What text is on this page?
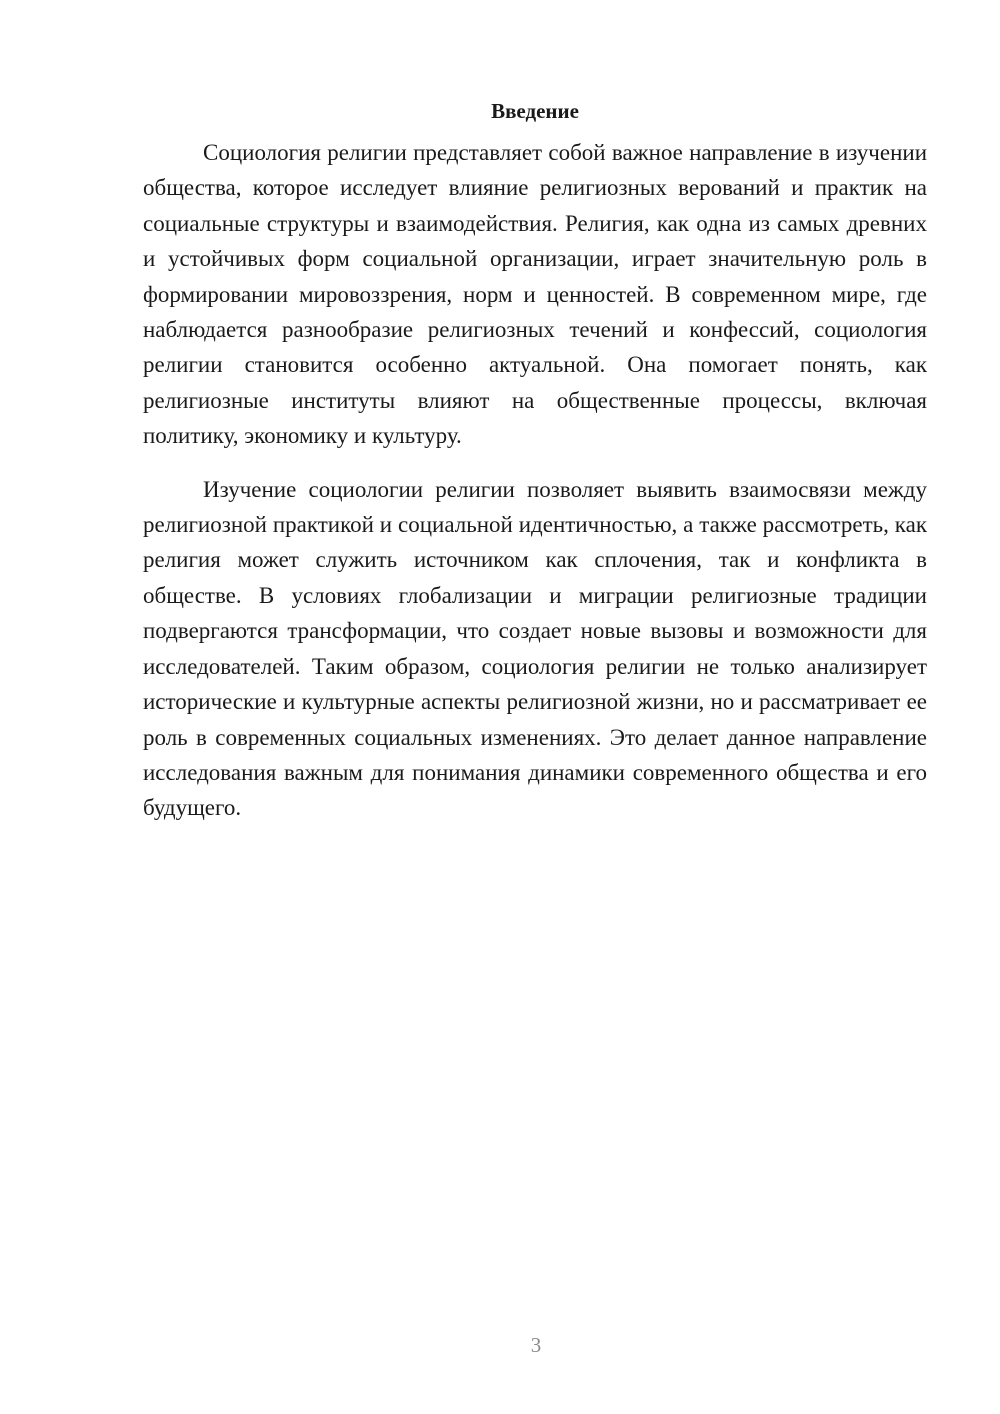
Введение

Социология религии представляет собой важное направление в изучении общества, которое исследует влияние религиозных верований и практик на социальные структуры и взаимодействия. Религия, как одна из самых древних и устойчивых форм социальной организации, играет значительную роль в формировании мировоззрения, норм и ценностей. В современном мире, где наблюдается разнообразие религиозных течений и конфессий, социология религии становится особенно актуальной. Она помогает понять, как религиозные институты влияют на общественные процессы, включая политику, экономику и культуру.

Изучение социологии религии позволяет выявить взаимосвязи между религиозной практикой и социальной идентичностью, а также рассмотреть, как религия может служить источником как сплочения, так и конфликта в обществе. В условиях глобализации и миграции религиозные традиции подвергаются трансформации, что создает новые вызовы и возможности для исследователей. Таким образом, социология религии не только анализирует исторические и культурные аспекты религиозной жизни, но и рассматривает ее роль в современных социальных изменениях. Это делает данное направление исследования важным для понимания динамики современного общества и его будущего.

3
